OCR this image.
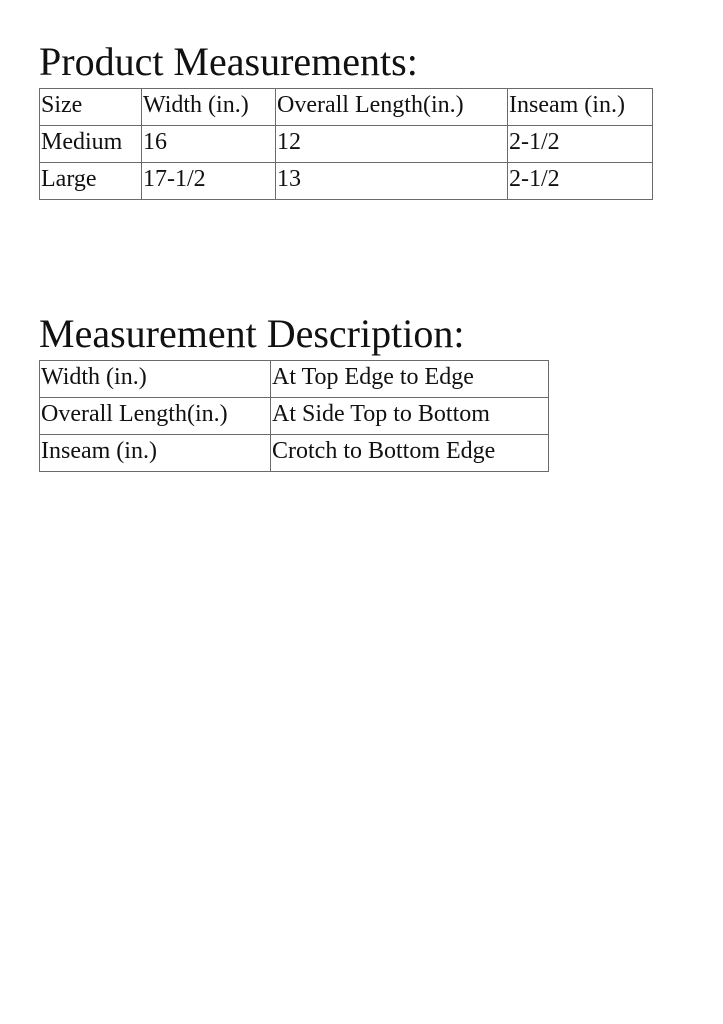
Product Measurements:
Size	Width (in.)	Overall Length(in.)	Inseam (in.)
Medium	16	12	2-1/2
Large	17-1/2	13	2-1/2
Measurement Description:
Width (in.)	At Top Edge to Edge
Overall Length(in.)	At Side Top to Bottom
Inseam (in.)	Crotch to Bottom Edge
